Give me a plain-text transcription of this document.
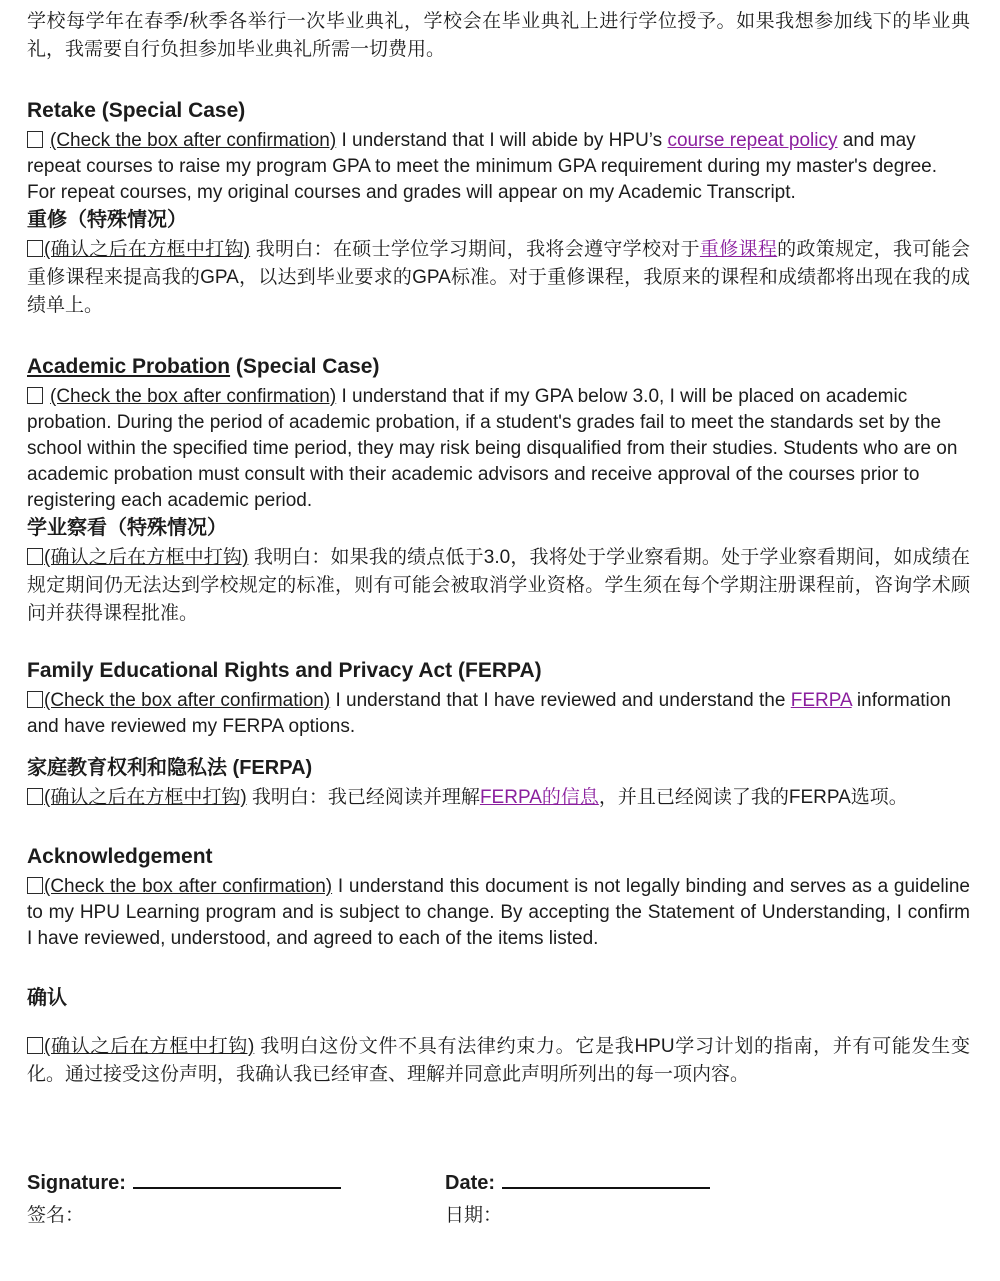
学校每学年在春季/秋季各举行一次毕业典礼，学校会在毕业典礼上进行学位授予。如果我想参加线下的毕业典礼，我需要自行负担参加毕业典礼所需一切费用。

Retake (Special Case)

(Check the box after confirmation) I understand that I will abide by HPU’s course repeat policy and may repeat courses to raise my program GPA to meet the minimum GPA requirement during my master's degree. For repeat courses, my original courses and grades will appear on my Academic Transcript.

重修（特殊情况）

(确认之后在方框中打钩) 我明白：在硕士学位学习期间，我将会遵守学校对于重修课程的政策规定，我可能会重修课程来提高我的GPA，以达到毕业要求的GPA标准。对于重修课程，我原来的课程和成绩都将出现在我的成绩单上。

Academic Probation (Special Case)

(Check the box after confirmation) I understand that if my GPA below 3.0, I will be placed on academic probation. During the period of academic probation, if a student's grades fail to meet the standards set by the school within the specified time period, they may risk being disqualified from their studies. Students who are on academic probation must consult with their academic advisors and receive approval of the courses prior to registering each academic period.

学业察看（特殊情况）

(确认之后在方框中打钩) 我明白：如果我的绩点低于3.0，我将处于学业察看期。处于学业察看期间，如成绩在规定期间仍无法达到学校规定的标准，则有可能会被取消学业资格。学生须在每个学期注册课程前，咨询学术顾问并获得课程批准。

Family Educational Rights and Privacy Act (FERPA)

(Check the box after confirmation) I understand that I have reviewed and understand the FERPA information and have reviewed my FERPA options.

家庭教育权利和隐私法 (FERPA)

(确认之后在方框中打钩) 我明白：我已经阅读并理解FERPA的信息，并且已经阅读了我的FERPA选项。

Acknowledgement

(Check the box after confirmation) I understand this document is not legally binding and serves as a guideline to my HPU Learning program and is subject to change. By accepting the Statement of Understanding, I confirm I have reviewed, understood, and agreed to each of the items listed.

确认

(确认之后在方框中打钩) 我明白这份文件不具有法律约束力。它是我HPU学习计划的指南，并有可能发生变化。通过接受这份声明，我确认我已经审查、理解并同意此声明所列出的每一项内容。

Signature:	Date:
签名：	日期：
